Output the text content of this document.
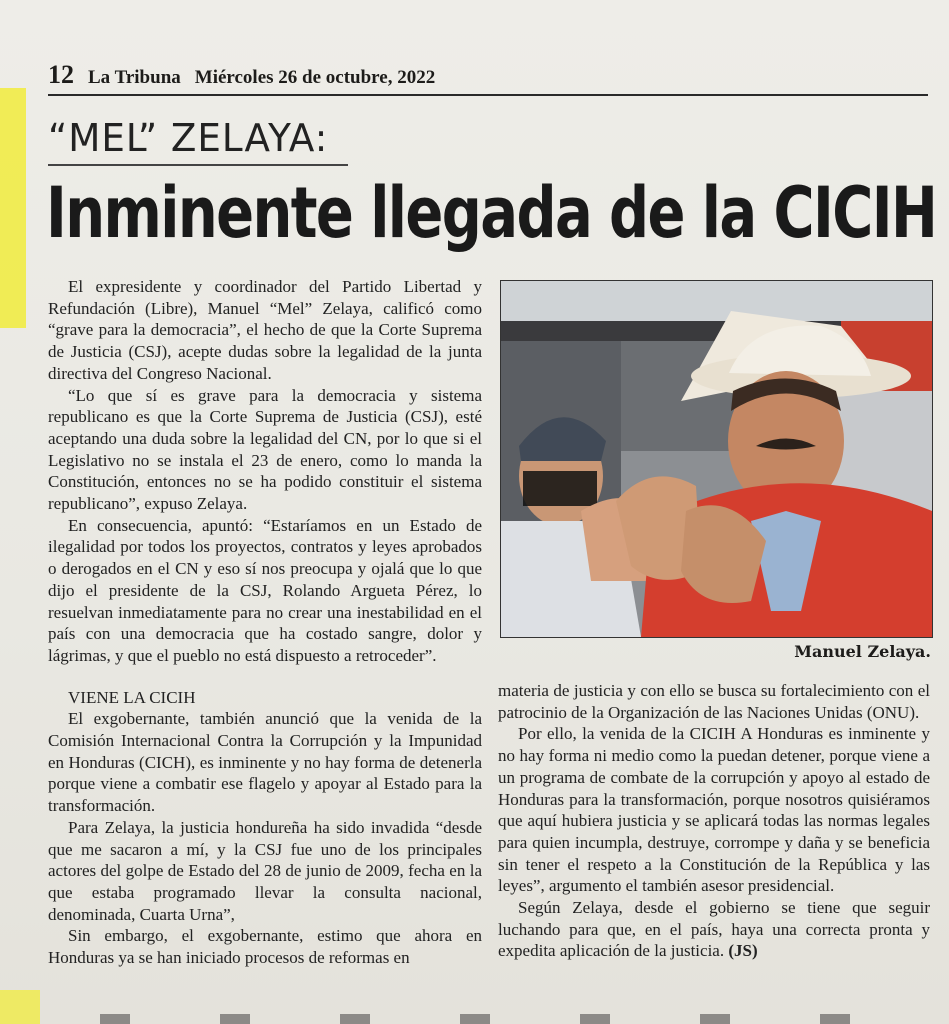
12 La Tribuna Miércoles 26 de octubre, 2022
“MEL” ZELAYA:
Inminente llegada de la CICIH

El expresidente y coordinador del Partido Libertad y Refundación (Libre), Manuel “Mel” Zelaya, calificó como “grave para la democracia”, el hecho de que la Corte Suprema de Justicia (CSJ), acepte dudas sobre la legalidad de la junta directiva del Congreso Nacional.

“Lo que sí es grave para la democracia y sistema republicano es que la Corte Suprema de Justicia (CSJ), esté aceptando una duda sobre la legalidad del CN, por lo que si el Legislativo no se instala el 23 de enero, como lo manda la Constitución, entonces no se ha podido constituir el sistema republicano”, expuso Zelaya.

En consecuencia, apuntó: “Estaríamos en un Estado de ilegalidad por todos los proyectos, contratos y leyes aprobados o derogados en el CN y eso sí nos preocupa y ojalá que lo que dijo el presidente de la CSJ, Rolando Argueta Pérez, lo resuelvan inmediatamente para no crear una inestabilidad en el país con una democracia que ha costado sangre, dolor y lágrimas, y que el pueblo no está dispuesto a retroceder”.

VIENE LA CICIH

El exgobernante, también anunció que la venida de la Comisión Internacional Contra la Corrupción y la Impunidad en Honduras (CICH), es inminente y no hay forma de detenerla porque viene a combatir ese flagelo y apoyar al Estado para la transformación.

Para Zelaya, la justicia hondureña ha sido invadida “desde que me sacaron a mí, y la CSJ fue uno de los principales actores del golpe de Estado del 28 de junio de 2009, fecha en la que estaba programado llevar la consulta nacional, denominada, Cuarta Urna”,

Sin embargo, el exgobernante, estimo que ahora en Honduras ya se han iniciado procesos de reformas en

Manuel Zelaya.

materia de justicia y con ello se busca su fortalecimiento con el patrocinio de la Organización de las Naciones Unidas (ONU).

Por ello, la venida de la CICIH A Honduras es inminente y no hay forma ni medio como la puedan detener, porque viene a un programa de combate de la corrupción y apoyo al estado de Honduras para la transformación, porque nosotros quisiéramos que aquí hubiera justicia y se aplicará todas las normas legales para quien incumpla, destruye, corrompe y daña y se beneficia sin tener el respeto a la Constitución de la República y las leyes”, argumento el también asesor presidencial.

Según Zelaya, desde el gobierno se tiene que seguir luchando para que, en el país, haya una correcta pronta y expedita aplicación de la justicia. (JS)
